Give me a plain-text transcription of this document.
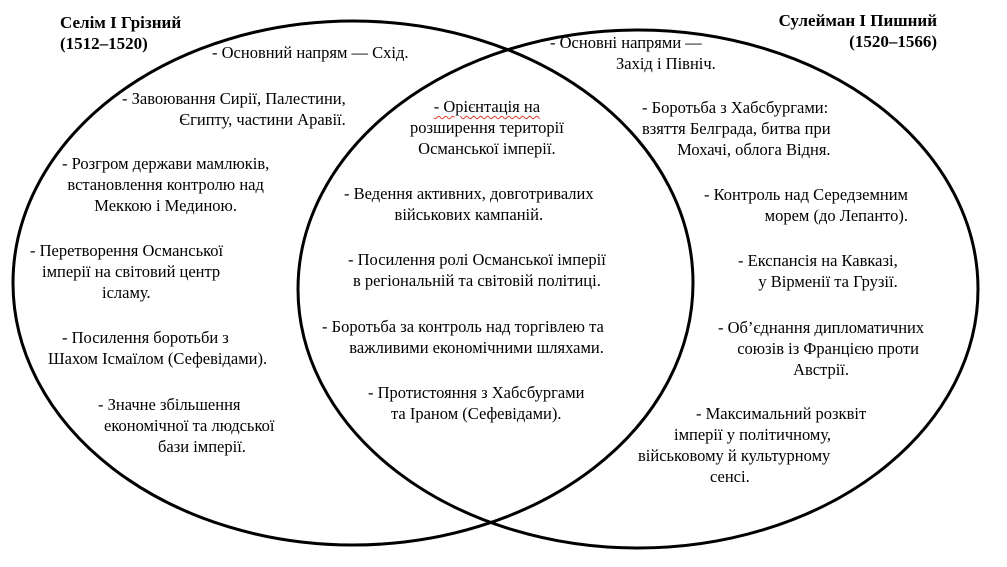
Селім І Грізний
(1512–1520)
Сулейман І Пишний
(1520–1566)
- Основний напрям — Схід.
- Завоювання Сирії, Палестини,
Єгипту, частини Аравії.
- Розгром держави мамлюків,
встановлення контролю над
Меккою і Мединою.
- Перетворення Османської
імперії на світовий центр
ісламу.
- Посилення боротьби з
Шахом Ісмаїлом (Сефевідами).
- Значне збільшення
економічної та людської
бази імперії.
- Орієнтація на
розширення території
Османської імперії.
- Ведення активних, довготривалих
військових кампаній.
- Посилення ролі Османської імперії
в регіональній та світовій політиці.
- Боротьба за контроль над торгівлею та
важливими економічними шляхами.
- Протистояння з Хабсбургами
та Іраном (Сефевідами).
- Основні напрями —
Захід і Північ.
- Боротьба з Хабсбургами:
взяття Белграда, битва при
Мохачі, облога Відня.
- Контроль над Середземним
морем (до Лепанто).
- Експансія на Кавказі,
у Вірменії та Грузії.
- Об’єднання дипломатичних
союзів із Францією проти
Австрії.
- Максимальний розквіт
імперії у політичному,
військовому й культурному
сенсі.
